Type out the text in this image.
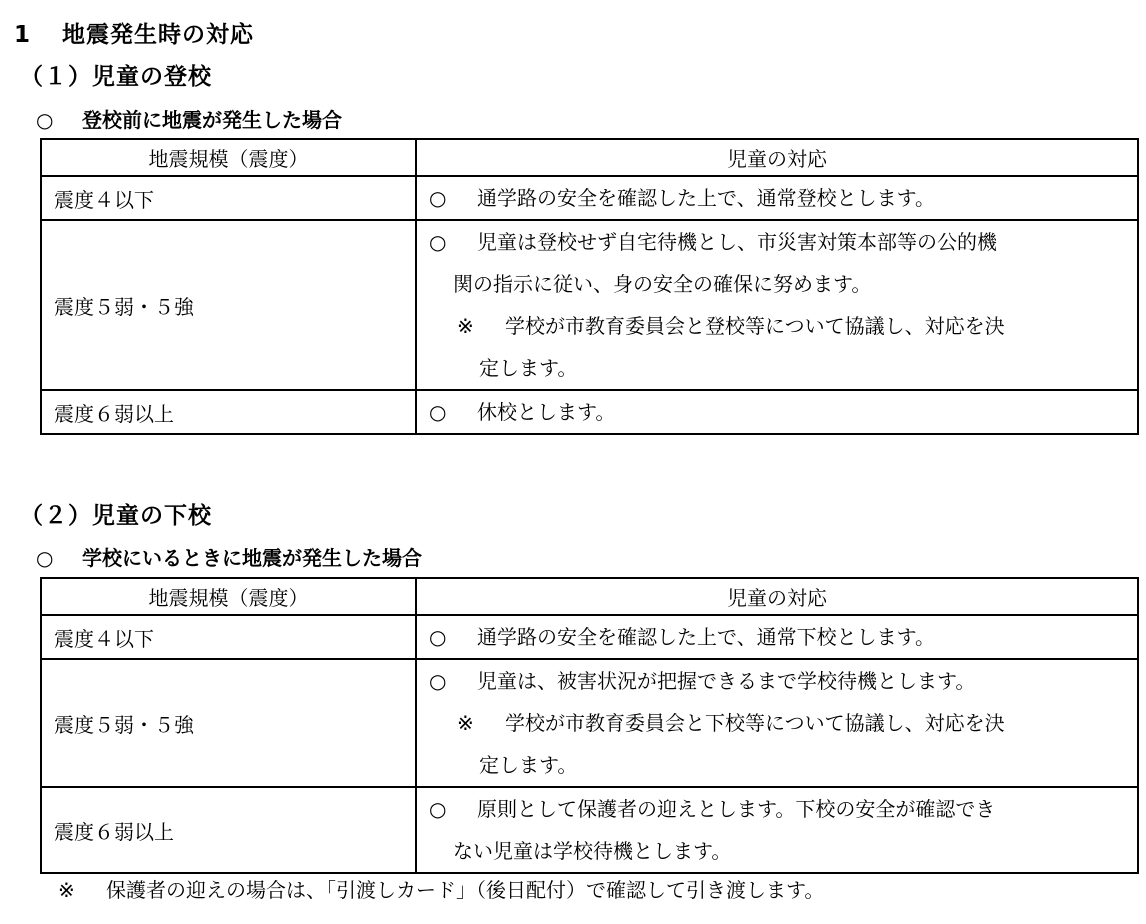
1 地震発生時の対応
（１）児童の登校
○ 登校前に地震が発生した場合
地震規模（震度）	児童の対応
震度４以下	○ 通学路の安全を確認した上で、通常登校とします。

震度５弱・５強	○ 児童は登校せず自宅待機とし、市災害対策本部等の公的機
関の指示に従い、身の安全の確保に努めます。
※ 学校が市教育委員会と登校等について協議し、対応を決
定します。

震度６弱以上	○ 休校とします。
（２）児童の下校
○ 学校にいるときに地震が発生した場合
地震規模（震度）	児童の対応
震度４以下	○ 通学路の安全を確認した上で、通常下校とします。

震度５弱・５強	○ 児童は、被害状況が把握できるまで学校待機とします。
※ 学校が市教育委員会と下校等について協議し、対応を決
定します。

震度６弱以上	○ 原則として保護者の迎えとします。下校の安全が確認でき
ない児童は学校待機とします。
※ 保護者の迎えの場合は、「引渡しカード」（後日配付）で確認して引き渡します。
